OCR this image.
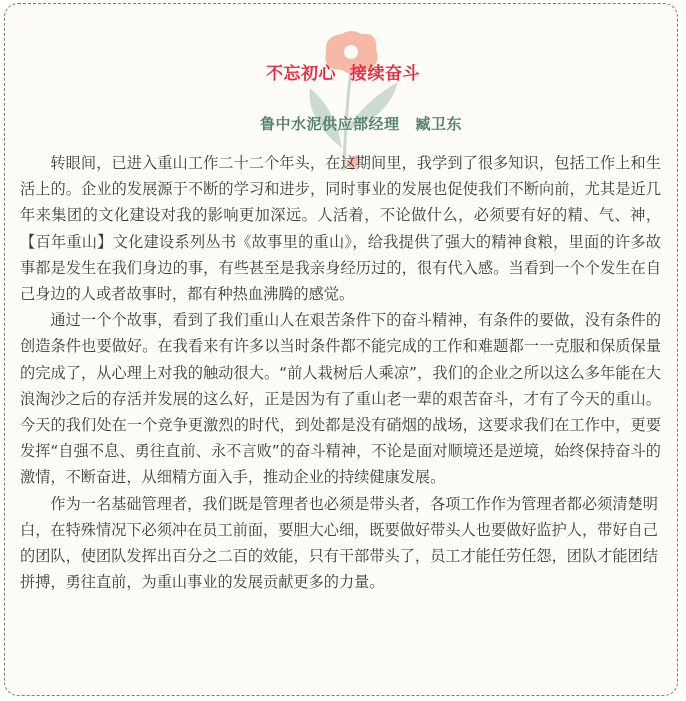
不忘初心 接续奋斗
鲁中水泥供应部经理 臧卫东

转眼间，已进入重山工作二十二个年头，在这期间里，我学到了很多知识，包括工作上和生活上的。企业的发展源于不断的学习和进步，同时事业的发展也促使我们不断向前，尤其是近几年来集团的文化建设对我的影响更加深远。人活着，不论做什么，必须要有好的精、气、神，【百年重山】文化建设系列丛书《故事里的重山》，给我提供了强大的精神食粮，里面的许多故事都是发生在我们身边的事，有些甚至是我亲身经历过的，很有代入感。当看到一个个发生在自己身边的人或者故事时，都有种热血沸腾的感觉。

通过一个个故事，看到了我们重山人在艰苦条件下的奋斗精神，有条件的要做，没有条件的创造条件也要做好。在我看来有许多以当时条件都不能完成的工作和难题都一一克服和保质保量的完成了，从心理上对我的触动很大。“前人栽树后人乘凉”，我们的企业之所以这么多年能在大浪淘沙之后的存活并发展的这么好，正是因为有了重山老一辈的艰苦奋斗，才有了今天的重山。今天的我们处在一个竞争更激烈的时代，到处都是没有硝烟的战场，这要求我们在工作中，更要发挥“自强不息、勇往直前、永不言败”的奋斗精神，不论是面对顺境还是逆境，始终保持奋斗的激情，不断奋进，从细精方面入手，推动企业的持续健康发展。

作为一名基础管理者，我们既是管理者也必须是带头者，各项工作作为管理者都必须清楚明白，在特殊情况下必须冲在员工前面，要胆大心细，既要做好带头人也要做好监护人，带好自己的团队，使团队发挥出百分之二百的效能，只有干部带头了，员工才能任劳任怨，团队才能团结拼搏，勇往直前，为重山事业的发展贡献更多的力量。
